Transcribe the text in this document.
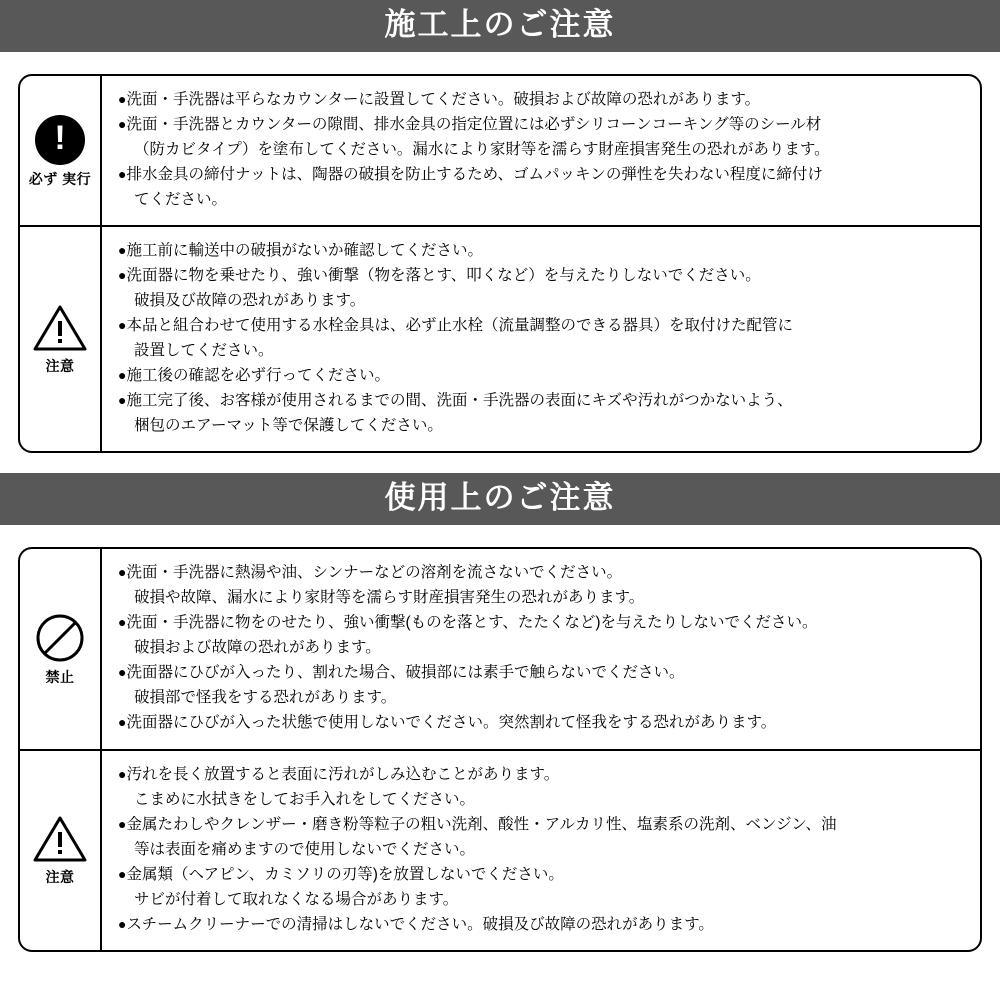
施工上のご注意
!
必ず 実行

●洗面・手洗器は平らなカウンターに設置してください。破損および故障の恐れがあります。

●洗面・手洗器とカウンターの隙間、排水金具の指定位置には必ずシリコーンコーキング等のシール材

（防カビタイプ）を塗布してください。漏水により家財等を濡らす財産損害発生の恐れがあります。

●排水金具の締付ナットは、陶器の破損を防止するため、ゴムパッキンの弾性を失わない程度に締付け

てください。

注意

●施工前に輸送中の破損がないか確認してください。

●洗面器に物を乗せたり、強い衝撃（物を落とす、叩くなど）を与えたりしないでください。

破損及び故障の恐れがあります。

●本品と組合わせて使用する水栓金具は、必ず止水栓（流量調整のできる器具）を取付けた配管に

設置してください。

●施工後の確認を必ず行ってください。

●施工完了後、お客様が使用されるまでの間、洗面・手洗器の表面にキズや汚れがつかないよう、

梱包のエアーマット等で保護してください。

使用上のご注意
禁止

●洗面・手洗器に熱湯や油、シンナーなどの溶剤を流さないでください。

破損や故障、漏水により家財等を濡らす財産損害発生の恐れがあります。

●洗面・手洗器に物をのせたり、強い衝撃(ものを落とす、たたくなど)を与えたりしないでください。

破損および故障の恐れがあります。

●洗面器にひびが入ったり、割れた場合、破損部には素手で触らないでください。

破損部で怪我をする恐れがあります。

●洗面器にひびが入った状態で使用しないでください。突然割れて怪我をする恐れがあります。

注意

●汚れを長く放置すると表面に汚れがしみ込むことがあります。

こまめに水拭きをしてお手入れをしてください。

●金属たわしやクレンザー・磨き粉等粒子の粗い洗剤、酸性・アルカリ性、塩素系の洗剤、ベンジン、油

等は表面を痛めますので使用しないでください。

●金属類（ヘアピン、カミソリの刃等)を放置しないでください。

サビが付着して取れなくなる場合があります。

●スチームクリーナーでの清掃はしないでください。破損及び故障の恐れがあります。
